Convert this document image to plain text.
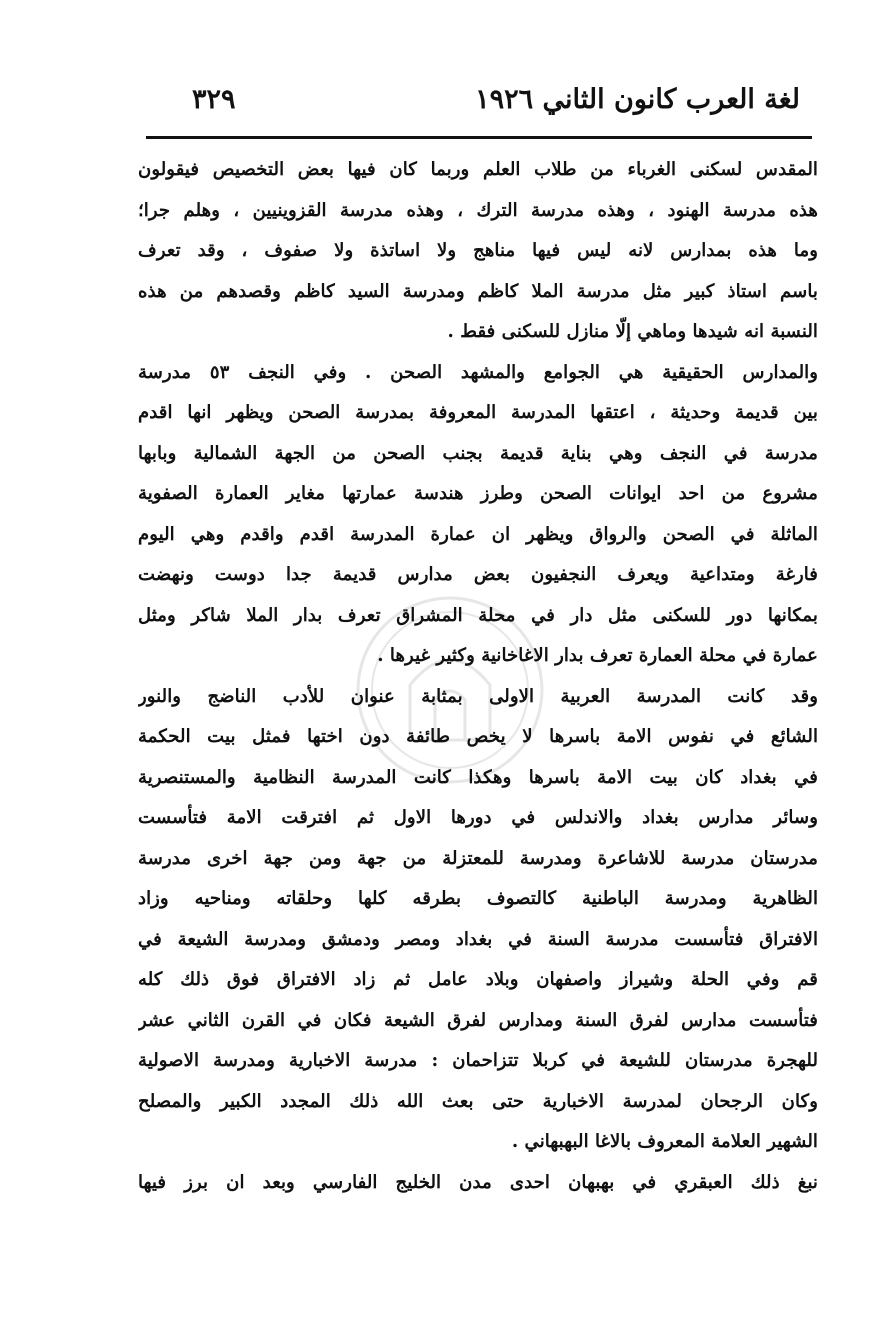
لغة العرب كانون الثاني ١٩٢٦
٣٢٩
المقدس لسكنى الغرباء من طلاب العلم وربما كان فيها بعض التخصيص فيقولون
هذه مدرسة الهنود ، وهذه مدرسة الترك ، وهذه مدرسة القزوينيين ، وهلم جرا؛
وما هذه بمدارس لانه ليس فيها مناهج ولا اساتذة ولا صفوف ، وقد تعرف
باسم استاذ كبير مثل مدرسة الملا كاظم ومدرسة السيد كاظم وقصدهم من هذه
النسبة انه شيدها وماهي إلّا منازل للسكنى فقط .
والمدارس الحقيقية هي الجوامع والمشهد الصحن . وفي النجف ٥٣ مدرسة
بين قديمة وحديثة ، اعتقها المدرسة المعروفة بمدرسة الصحن ويظهر انها اقدم
مدرسة في النجف وهي بناية قديمة بجنب الصحن من الجهة الشمالية وبابها
مشروع من احد ايوانات الصحن وطرز هندسة عمارتها مغاير العمارة الصفوية
الماثلة في الصحن والرواق ويظهر ان عمارة المدرسة اقدم واقدم وهي اليوم
فارغة ومتداعية ويعرف النجفيون بعض مدارس قديمة جدا دوست ونهضت
بمكانها دور للسكنى مثل دار في محلة المشراق تعرف بدار الملا شاكر ومثل
عمارة في محلة العمارة تعرف بدار الاغاخانية وكثير غيرها .
وقد كانت المدرسة العربية الاولى بمثابة عنوان للأدب الناضج والنور
الشائع في نفوس الامة باسرها لا يخص طائفة دون اختها فمثل بيت الحكمة
في بغداد كان بيت الامة باسرها وهكذا كانت المدرسة النظامية والمستنصرية
وسائر مدارس بغداد والاندلس في دورها الاول ثم افترقت الامة فتأسست
مدرستان مدرسة للاشاعرة ومدرسة للمعتزلة من جهة ومن جهة اخرى مدرسة
الظاهرية ومدرسة الباطنية كالتصوف بطرقه كلها وحلقاته ومناحيه وزاد
الافتراق فتأسست مدرسة السنة في بغداد ومصر ودمشق ومدرسة الشيعة في
قم وفي الحلة وشيراز واصفهان وبلاد عامل ثم زاد الافتراق فوق ذلك كله
فتأسست مدارس لفرق السنة ومدارس لفرق الشيعة فكان في القرن الثاني عشر
للهجرة مدرستان للشيعة في كربلا تتزاحمان : مدرسة الاخبارية ومدرسة الاصولية
وكان الرجحان لمدرسة الاخبارية حتى بعث الله ذلك المجدد الكبير والمصلح
الشهير العلامة المعروف بالاغا البهبهاني .
نبغ ذلك العبقري في بهبهان احدى مدن الخليج الفارسي وبعد ان برز فيها
